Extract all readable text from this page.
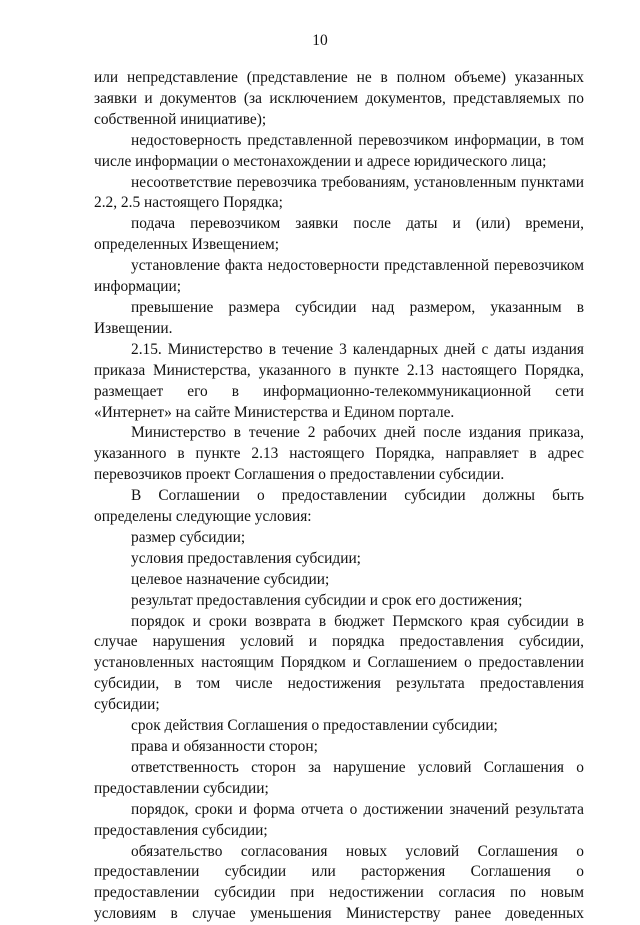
10

или непредставление (представление не в полном объеме) указанных заявки и документов (за исключением документов, представляемых по собственной инициативе);

недостоверность представленной перевозчиком информации, в том числе информации о местонахождении и адресе юридического лица;

несоответствие перевозчика требованиям, установленным пунктами 2.2, 2.5 настоящего Порядка;

подача перевозчиком заявки после даты и (или) времени, определенных Извещением;

установление факта недостоверности представленной перевозчиком информации;

превышение размера субсидии над размером, указанным в Извещении.

2.15. Министерство в течение 3 календарных дней с даты издания приказа Министерства, указанного в пункте 2.13 настоящего Порядка, размещает его в информационно-телекоммуникационной сети «Интернет» на сайте Министерства и Едином портале.

Министерство в течение 2 рабочих дней после издания приказа, указанного в пункте 2.13 настоящего Порядка, направляет в адрес перевозчиков проект Соглашения о предоставлении субсидии.

В Соглашении о предоставлении субсидии должны быть определены следующие условия:

размер субсидии;

условия предоставления субсидии;

целевое назначение субсидии;

результат предоставления субсидии и срок его достижения;

порядок и сроки возврата в бюджет Пермского края субсидии в случае нарушения условий и порядка предоставления субсидии, установленных настоящим Порядком и Соглашением о предоставлении субсидии, в том числе недостижения результата предоставления субсидии;

срок действия Соглашения о предоставлении субсидии;

права и обязанности сторон;

ответственность сторон за нарушение условий Соглашения о предоставлении субсидии;

порядок, сроки и форма отчета о достижении значений результата предоставления субсидии;

обязательство согласования новых условий Соглашения о предоставлении субсидии или расторжения Соглашения о предоставлении субсидии при недостижении согласия по новым условиям в случае уменьшения Министерству ранее доведенных
